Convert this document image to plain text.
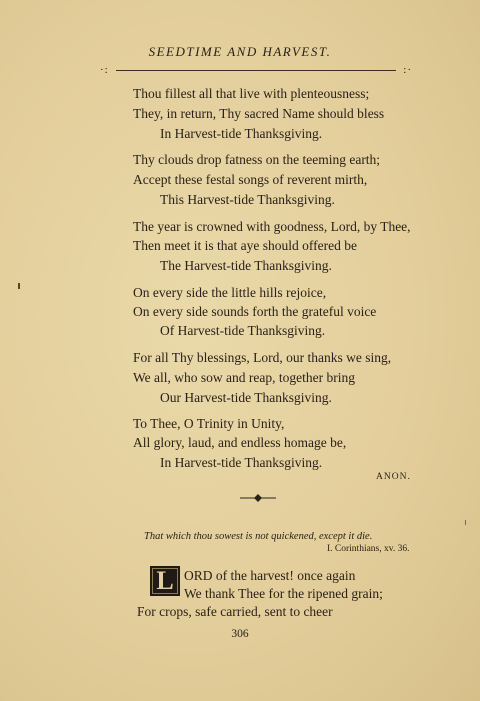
SEEDTIME AND HARVEST.
·:	:·
Thou fillest all that live with plenteousness;
They, in return, Thy sacred Name should bless
In Harvest-tide Thanksgiving.
Thy clouds drop fatness on the teeming earth;
Accept these festal songs of reverent mirth,
This Harvest-tide Thanksgiving.
The year is crowned with goodness, Lord, by Thee,
Then meet it is that aye should offered be
The Harvest-tide Thanksgiving.
On every side the little hills rejoice,
On every side sounds forth the grateful voice
Of Harvest-tide Thanksgiving.
For all Thy blessings, Lord, our thanks we sing,
We all, who sow and reap, together bring
Our Harvest-tide Thanksgiving.
To Thee, O Trinity in Unity,
All glory, laud, and endless homage be,
In Harvest-tide Thanksgiving.
ANON.
That which thou sowest is not quickened, except it die.
I. Corinthians, xv. 36.
L ORD of the harvest! once again
We thank Thee for the ripened grain;
For crops, safe carried, sent to cheer
306
